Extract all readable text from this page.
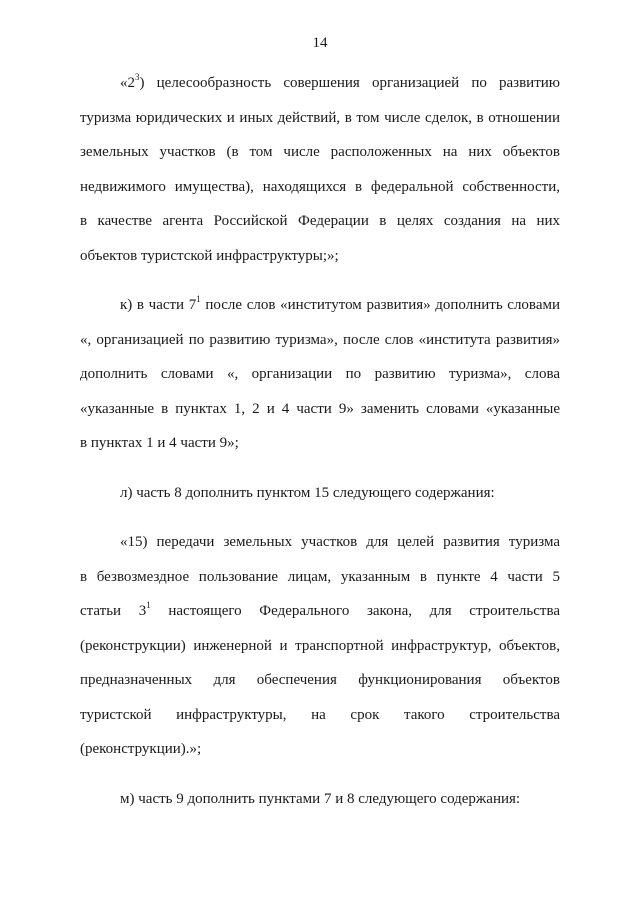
14
«$2^3$) целесообразность совершения организацией по развитию
туризма юридических и иных действий, в том числе сделок, в отношении
земельных участков (в том числе расположенных на них объектов
недвижимого имущества), находящихся в федеральной собственности,
в качестве агента Российской Федерации в целях создания на них
объектов туристской инфраструктуры;»;
к) в части $7^1$ после слов «институтом развития» дополнить словами
«, организацией по развитию туризма», после слов «института развития»
дополнить словами «, организации по развитию туризма», слова
«указанные в пунктах 1, 2 и 4 части 9» заменить словами «указанные
в пунктах 1 и 4 части 9»;
л) часть 8 дополнить пунктом 15 следующего содержания:
«15) передачи земельных участков для целей развития туризма
в безвозмездное пользование лицам, указанным в пункте 4 части 5
статьи $3^1$ настоящего Федерального закона, для строительства
(реконструкции) инженерной и транспортной инфраструктур, объектов,
предназначенных для обеспечения функционирования объектов
туристской инфраструктуры, на срок такого строительства
(реконструкции).»;
м) часть 9 дополнить пунктами 7 и 8 следующего содержания:
